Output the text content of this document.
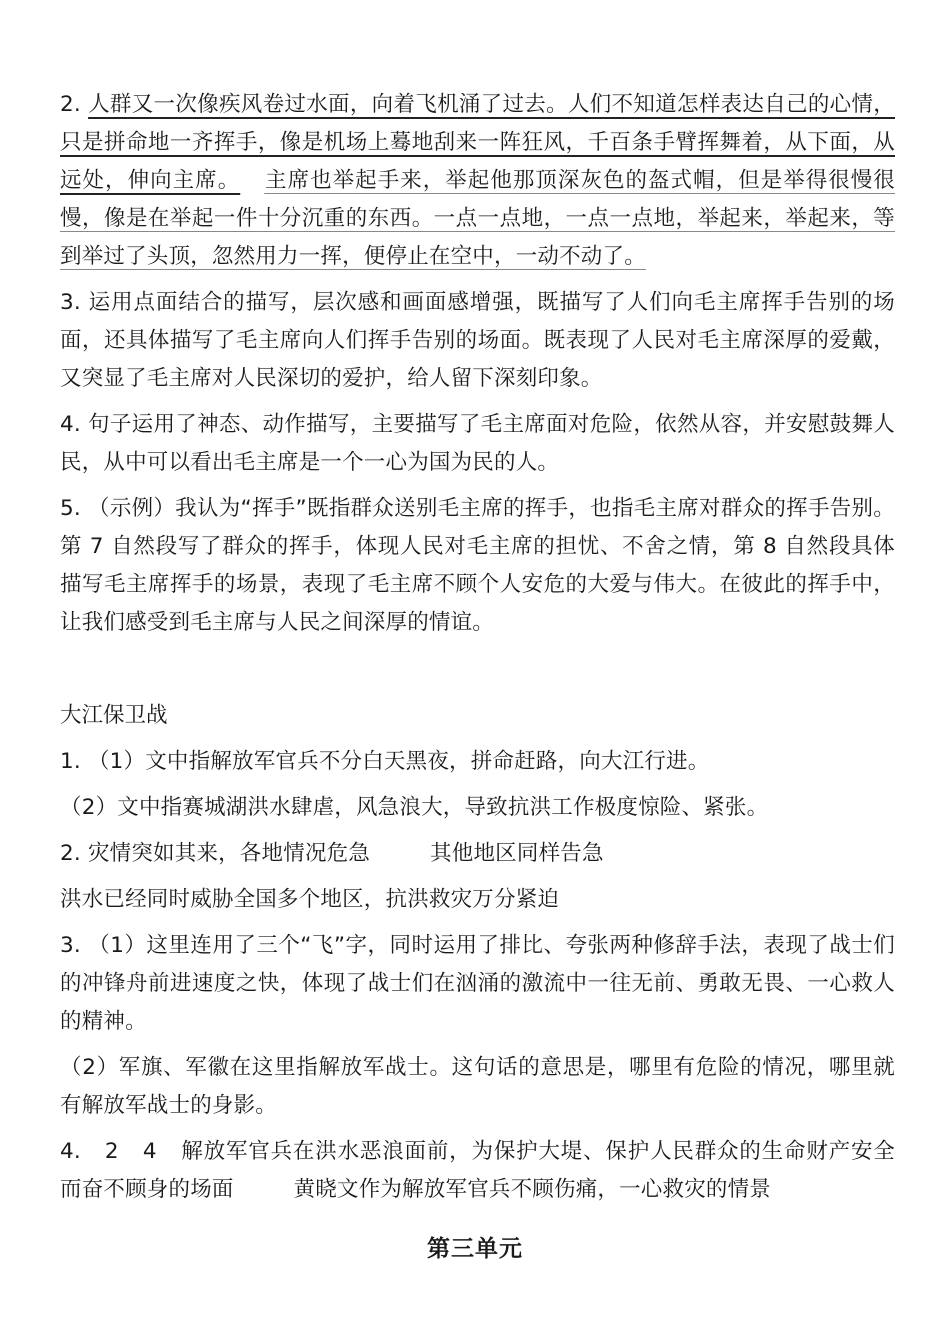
2. 人群又一次像疾风卷过水面，向着飞机涌了过去。人们不知道怎样表达自己的心情，只是拼命地一齐挥手，像是机场上蓦地刮来一阵狂风，千百条手臂挥舞着，从下面，从远处，伸向主席。 主席也举起手来，举起他那顶深灰色的盔式帽，但是举得很慢很慢，像是在举起一件十分沉重的东西。一点一点地，一点一点地，举起来，举起来，等到举过了头顶，忽然用力一挥，便停止在空中，一动不动了。

3. 运用点面结合的描写，层次感和画面感增强，既描写了人们向毛主席挥手告别的场面，还具体描写了毛主席向人们挥手告别的场面。既表现了人民对毛主席深厚的爱戴，又突显了毛主席对人民深切的爱护，给人留下深刻印象。

4. 句子运用了神态、动作描写，主要描写了毛主席面对危险，依然从容，并安慰鼓舞人民，从中可以看出毛主席是一个一心为国为民的人。

5. （示例）我认为“挥手”既指群众送别毛主席的挥手，也指毛主席对群众的挥手告别。第 7 自然段写了群众的挥手，体现人民对毛主席的担忧、不舍之情，第 8 自然段具体描写毛主席挥手的场景，表现了毛主席不顾个人安危的大爱与伟大。在彼此的挥手中，让我们感受到毛主席与人民之间深厚的情谊。

大江保卫战

1. （1）文中指解放军官兵不分白天黑夜，拼命赶路，向大江行进。

（2）文中指赛城湖洪水肆虐，风急浪大，导致抗洪工作极度惊险、紧张。

2. 灾情突如其来，各地情况危急	其他地区同样告急

洪水已经同时威胁全国多个地区，抗洪救灾万分紧迫

3. （1）这里连用了三个“飞”字，同时运用了排比、夸张两种修辞手法，表现了战士们的冲锋舟前进速度之快，体现了战士们在汹涌的激流中一往无前、勇敢无畏、一心救人的精神。

（2）军旗、军徽在这里指解放军战士。这句话的意思是，哪里有危险的情况，哪里就有解放军战士的身影。

4. 2 4 解放军官兵在洪水恶浪面前，为保护大堤、保护人民群众的生命财产安全而奋不顾身的场面	黄晓文作为解放军官兵不顾伤痛，一心救灾的情景

第三单元
